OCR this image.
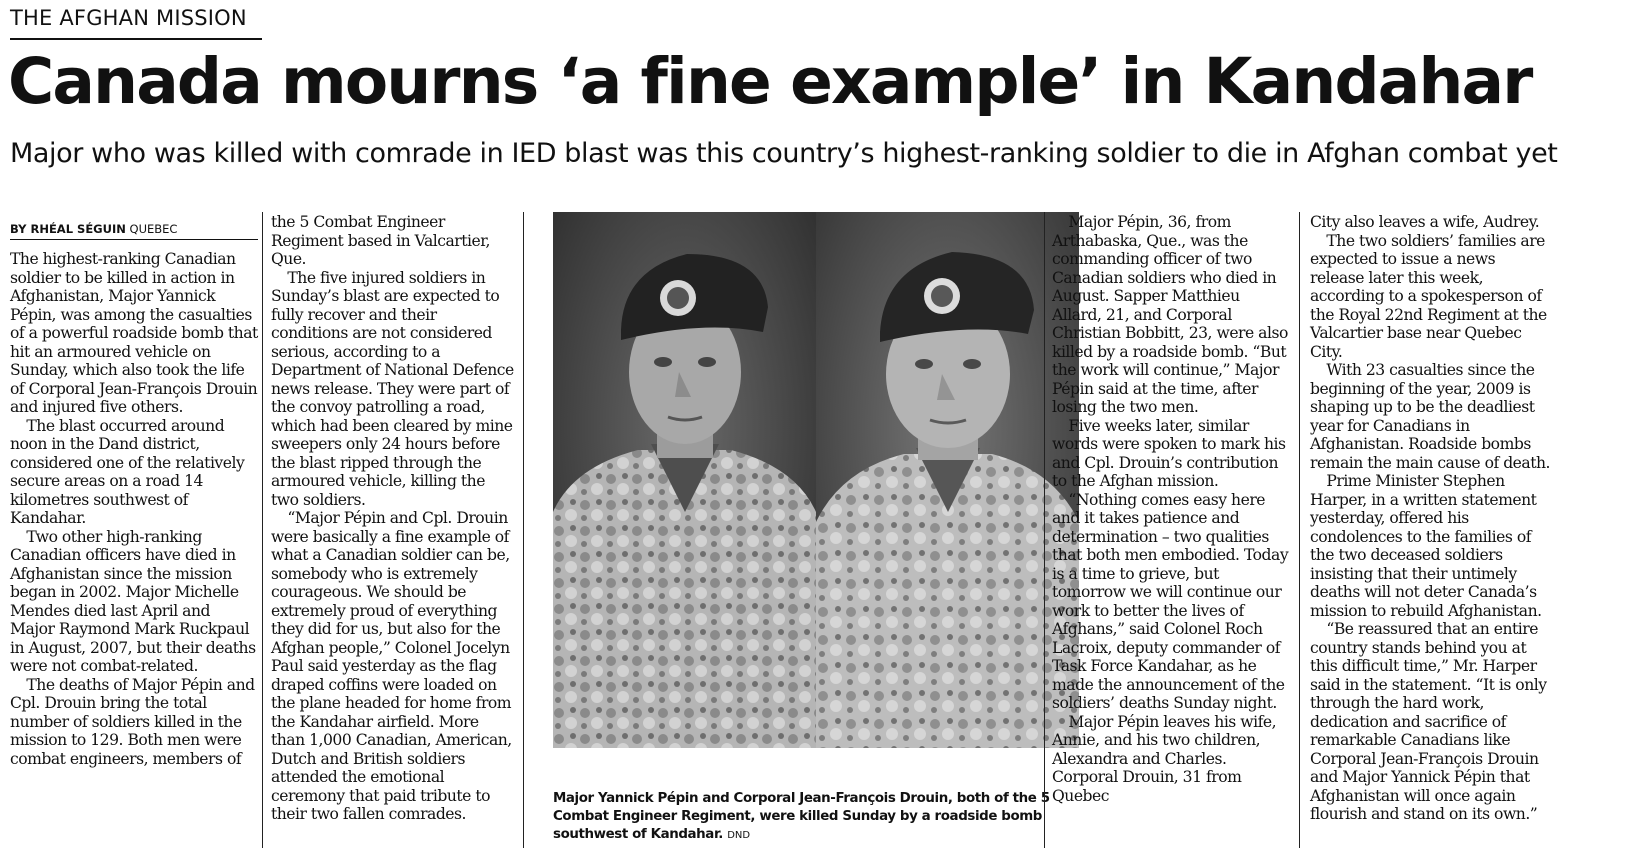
THE AFGHAN MISSION
Canada mourns ‘a fine example’ in Kandahar
Major who was killed with comrade in IED blast was this country’s highest-ranking soldier to die in Afghan combat yet
BY RHÉAL SÉGUIN QUEBEC

The highest-ranking Canadian soldier to be killed in action in Afghanistan, Major Yannick Pépin, was among the casualties of a powerful roadside bomb that hit an armoured vehicle on Sunday, which also took the life of Corporal Jean-François Drouin and injured five others.

The blast occurred around noon in the Dand district, considered one of the relatively secure areas on a road 14 kilometres southwest of Kandahar.

Two other high-ranking Canadian officers have died in Afghanistan since the mission began in 2002. Major Michelle Mendes died last April and Major Raymond Mark Ruckpaul in August, 2007, but their deaths were not combat-related.

The deaths of Major Pépin and Cpl. Drouin bring the total number of soldiers killed in the mission to 129. Both men were combat engineers, members of

the 5 Combat Engineer Regiment based in Valcartier, Que.

The five injured soldiers in Sunday’s blast are expected to fully recover and their conditions are not considered serious, according to a Department of National Defence news release. They were part of the convoy patrolling a road, which had been cleared by mine sweepers only 24 hours before the blast ripped through the armoured vehicle, killing the two soldiers.

“Major Pépin and Cpl. Drouin were basically a fine example of what a Canadian soldier can be, somebody who is extremely courageous. We should be extremely proud of everything they did for us, but also for the Afghan people,” Colonel Jocelyn Paul said yesterday as the flag draped coffins were loaded on the plane headed for home from the Kandahar airfield. More than 1,000 Canadian, American, Dutch and British soldiers attended the emotional ceremony that paid tribute to their two fallen comrades.

Major Yannick Pépin and Corporal Jean-François Drouin, both of the 5 Combat Engineer Regiment, were killed Sunday by a roadside bomb southwest of Kandahar. DND

Major Pépin, 36, from Arthabaska, Que., was the commanding officer of two Canadian soldiers who died in August. Sapper Matthieu Allard, 21, and Corporal Christian Bobbitt, 23, were also killed by a roadside bomb. “But the work will continue,” Major Pépin said at the time, after losing the two men.

Five weeks later, similar words were spoken to mark his and Cpl. Drouin’s contribution to the Afghan mission.

“Nothing comes easy here and it takes patience and determination – two qualities that both men embodied. Today is a time to grieve, but tomorrow we will continue our work to better the lives of Afghans,” said Colonel Roch Lacroix, deputy commander of Task Force Kandahar, as he made the announcement of the soldiers’ deaths Sunday night.

Major Pépin leaves his wife, Annie, and his two children, Alexandra and Charles. Corporal Drouin, 31 from Quebec

City also leaves a wife, Audrey.

The two soldiers’ families are expected to issue a news release later this week, according to a spokesperson of the Royal 22nd Regiment at the Valcartier base near Quebec City.

With 23 casualties since the beginning of the year, 2009 is shaping up to be the deadliest year for Canadians in Afghanistan. Roadside bombs remain the main cause of death.

Prime Minister Stephen Harper, in a written statement yesterday, offered his condolences to the families of the two deceased soldiers insisting that their untimely deaths will not deter Canada’s mission to rebuild Afghanistan.

“Be reassured that an entire country stands behind you at this difficult time,” Mr. Harper said in the statement. “It is only through the hard work, dedication and sacrifice of remarkable Canadians like Corporal Jean-François Drouin and Major Yannick Pépin that Afghanistan will once again flourish and stand on its own.”
